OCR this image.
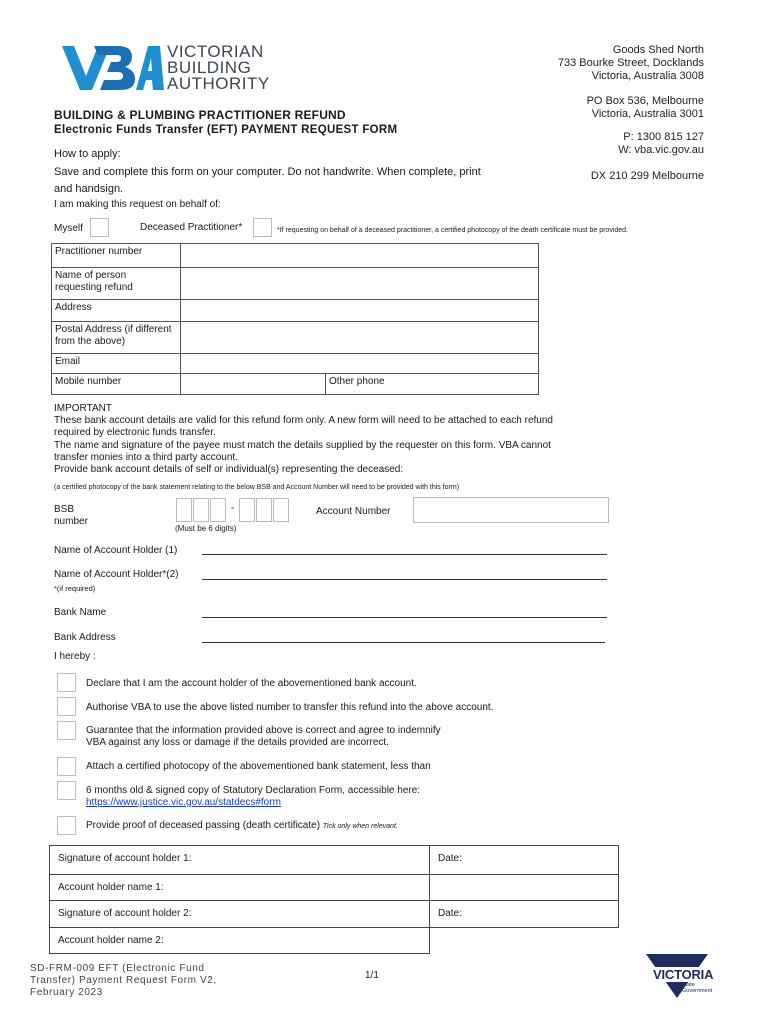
VICTORIAN
BUILDING
AUTHORITY
Goods Shed North
733 Bourke Street, Docklands
Victoria, Australia 3008
PO Box 536, Melbourne
Victoria, Australia 3001
P: 1300 815 127
W: vba.vic.gov.au
DX 210 299 Melbourne
BUILDING & PLUMBING PRACTITIONER REFUND
Electronic Funds Transfer (EFT) PAYMENT REQUEST FORM
How to apply:
Save and complete this form on your computer. Do not handwrite. When complete, print
and handsign.
I am making this request on behalf of:
Myself	Deceased Practitioner*	*If requesting on behalf of a deceased practitioner, a certified photocopy of the death certificate must be provided.
Practitioner number		
Name of person
requesting refund		
Address		
Postal Address (if different
from the above)		
Email		
Mobile number		Other phone
IMPORTANT
These bank account details are valid for this refund form only. A new form will need to be attached to each refund
required by electronic funds transfer.
The name and signature of the payee must match the details supplied by the requester on this form. VBA cannot
transfer monies into a third party account.
Provide bank account details of self or individual(s) representing the deceased:
(a certified photocopy of the bank statement relating to the below BSB and Account Number will need to be provided with this form)
BSB
number
-
(Must be 6 digits)
Account Number
Name of Account Holder (1)
Name of Account Holder*(2)
*(if required)
Bank Name
Bank Address
I hereby :
Declare that I am the account holder of the abovementioned bank account.
Authorise VBA to use the above listed number to transfer this refund into the above account.
Guarantee that the information provided above is correct and agree to indemnify
VBA against any loss or damage if the details provided are incorrect.
Attach a certified photocopy of the abovementioned bank statement, less than
6 months old & signed copy of Statutory Declaration Form, accessible here:
https://www.justice.vic.gov.au/statdecs#form
Provide proof of deceased passing (death certificate) Tick only when relevant.
Signature of account holder 1:	Date:
Account holder name 1:	
Signature of account holder 2:	Date:
Account holder name 2:	
SD-FRM-009 EFT (Electronic Fund
Transfer) Payment Request Form V2,
February 2023
1/1	VICTORIA
State
Government
